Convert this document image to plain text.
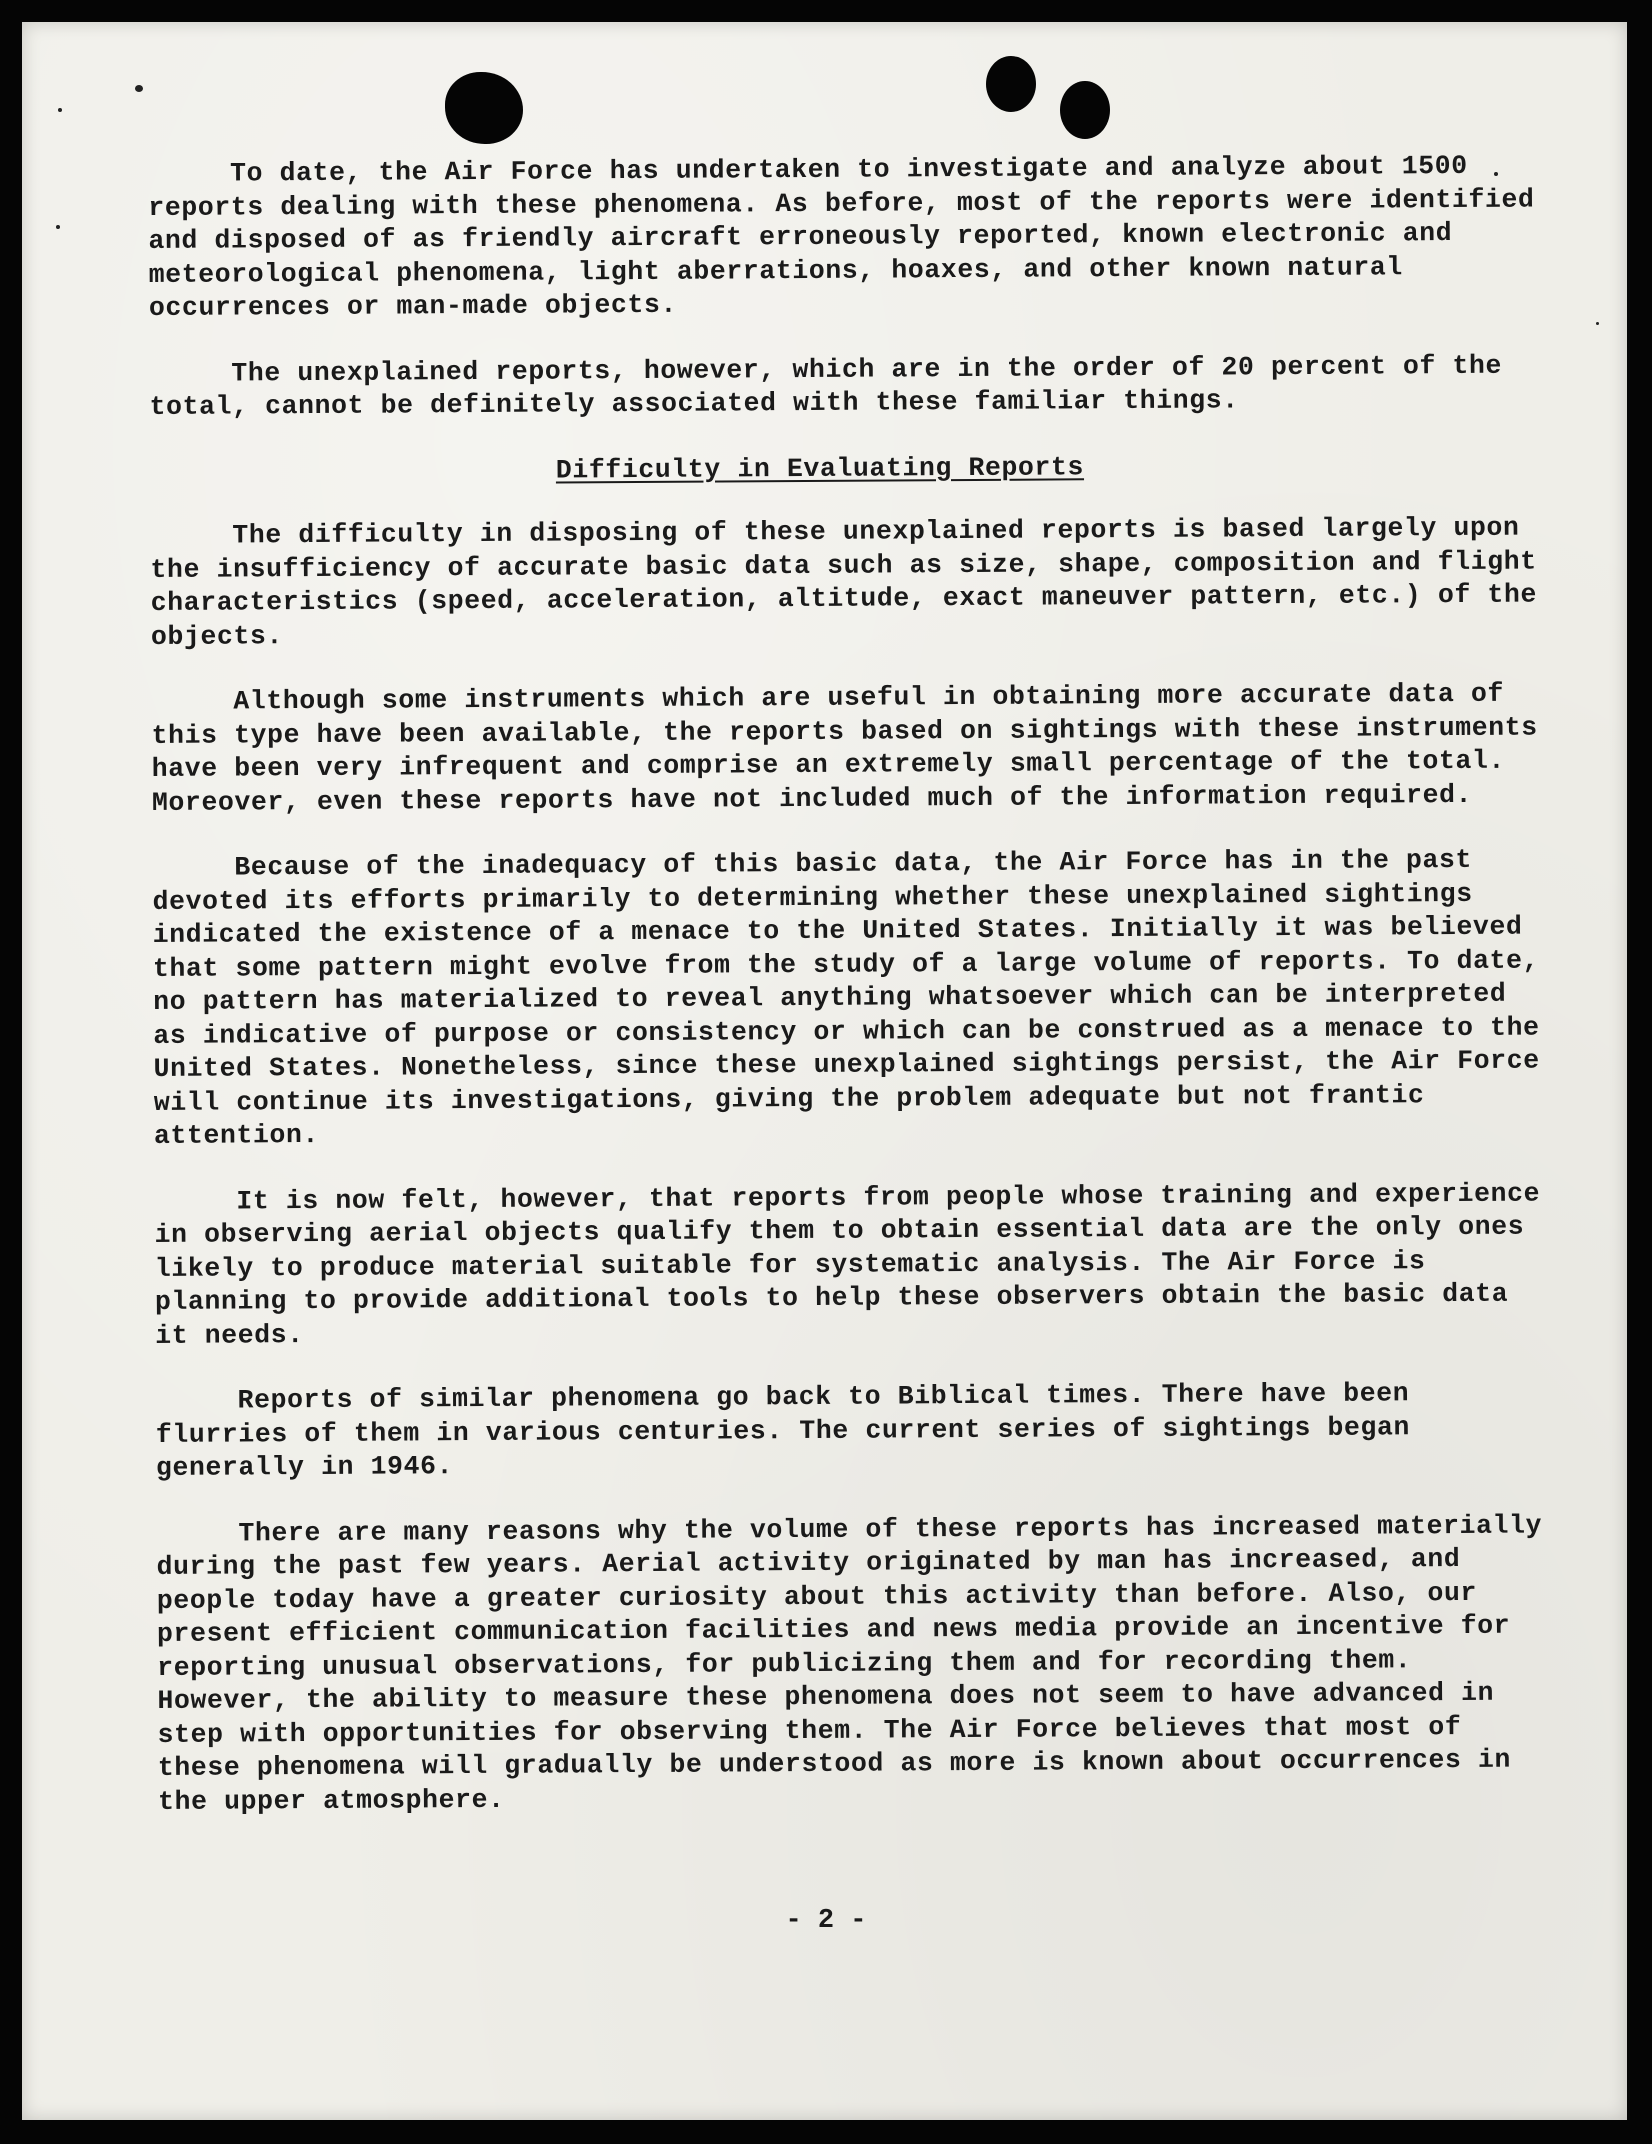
To date, the Air Force has undertaken to investigate and analyze about 1500 reports dealing with these phenomena. As before, most of the reports were identified and disposed of as friendly aircraft erroneously reported, known electronic and meteorological phenomena, light aberrations, hoaxes, and other known natural occurrences or man-made objects.

The unexplained reports, however, which are in the order of 20 percent of the total, cannot be definitely associated with these familiar things.

Difficulty in Evaluating Reports

The difficulty in disposing of these unexplained reports is based largely upon the insufficiency of accurate basic data such as size, shape, composition and flight characteristics (speed, acceleration, altitude, exact maneuver pattern, etc.) of the objects.

Although some instruments which are useful in obtaining more accurate data of this type have been available, the reports based on sightings with these instruments have been very infrequent and comprise an extremely small percentage of the total. Moreover, even these reports have not included much of the information required.

Because of the inadequacy of this basic data, the Air Force has in the past devoted its efforts primarily to determining whether these unexplained sightings indicated the existence of a menace to the United States. Initially it was believed that some pattern might evolve from the study of a large volume of reports. To date, no pattern has materialized to reveal anything whatsoever which can be interpreted as indicative of purpose or consistency or which can be construed as a menace to the United States. Nonetheless, since these unexplained sightings persist, the Air Force will continue its investigations, giving the problem adequate but not frantic attention.

It is now felt, however, that reports from people whose training and experience in observing aerial objects qualify them to obtain essential data are the only ones likely to produce material suitable for systematic analysis. The Air Force is planning to provide additional tools to help these observers obtain the basic data it needs.

Reports of similar phenomena go back to Biblical times. There have been flurries of them in various centuries. The current series of sightings began generally in 1946.

There are many reasons why the volume of these reports has increased materially during the past few years. Aerial activity originated by man has increased, and people today have a greater curiosity about this activity than before. Also, our present efficient communication facilities and news media provide an incentive for reporting unusual observations, for publicizing them and for recording them. However, the ability to measure these phenomena does not seem to have advanced in step with opportunities for observing them. The Air Force believes that most of these phenomena will gradually be understood as more is known about occurrences in the upper atmosphere.

- 2 -
